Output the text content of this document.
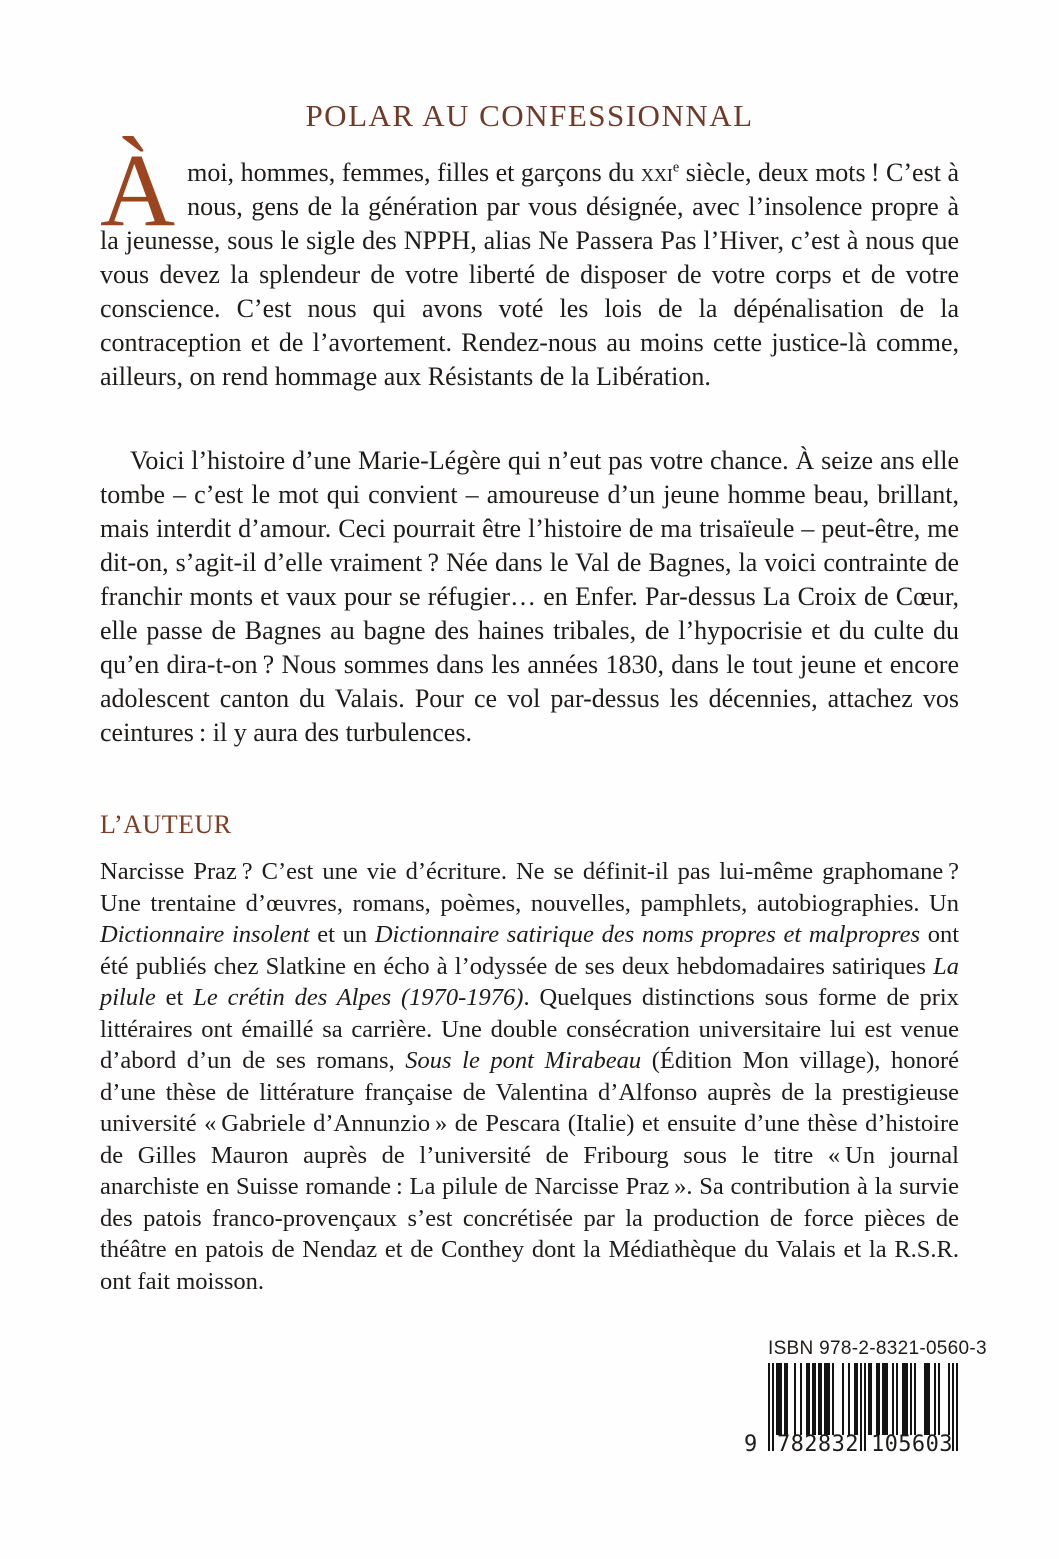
POLAR AU CONFESSIONNAL

Àmoi, hommes, femmes, filles et garçons du xxi$^e$ siècle, deux mots ! C’est à nous, gens de la génération par vous désignée, avec l’insolence propre à la jeunesse, sous le sigle des NPPH, alias Ne Passera Pas l’Hiver, c’est à nous que vous devez la splendeur de votre liberté de disposer de votre corps et de votre conscience. C’est nous qui avons voté les lois de la dépénalisation de la contraception et de l’avortement. Rendez-nous au moins cette justice-là comme, ailleurs, on rend hommage aux Résistants de la Libération.

Voici l’histoire d’une Marie-Légère qui n’eut pas votre chance. À seize ans elle tombe – c’est le mot qui convient – amoureuse d’un jeune homme beau, brillant, mais interdit d’amour. Ceci pourrait être l’histoire de ma trisaïeule – peut-être, me dit-on, s’agit-il d’elle vraiment ? Née dans le Val de Bagnes, la voici contrainte de franchir monts et vaux pour se réfugier… en Enfer. Par-dessus La Croix de Cœur, elle passe de Bagnes au bagne des haines tribales, de l’hypocrisie et du culte du qu’en dira-t-on ? Nous sommes dans les années 1830, dans le tout jeune et encore adolescent canton du Valais. Pour ce vol par-dessus les décennies, attachez vos ceintures : il y aura des turbulences.

L’AUTEUR

Narcisse Praz ? C’est une vie d’écriture. Ne se définit-il pas lui-même graphomane ? Une trentaine d’œuvres, romans, poèmes, nouvelles, pamphlets, autobiographies. Un Dictionnaire insolent et un Dictionnaire satirique des noms propres et malpropres ont été publiés chez Slatkine en écho à l’odyssée de ses deux hebdomadaires satiriques La pilule et Le crétin des Alpes (1970-1976). Quelques distinctions sous forme de prix littéraires ont émaillé sa carrière. Une double consécration universitaire lui est venue d’abord d’un de ses romans, Sous le pont Mirabeau (Édition Mon village), honoré d’une thèse de littérature française de Valentina d’Alfonso auprès de la prestigieuse université « Gabriele d’Annunzio » de Pescara (Italie) et ensuite d’une thèse d’histoire de Gilles Mauron auprès de l’université de Fribourg sous le titre « Un journal anarchiste en Suisse romande : La pilule de Narcisse Praz ». Sa contribution à la survie des patois franco-provençaux s’est concrétisée par la production de force pièces de théâtre en patois de Nendaz et de Conthey dont la Médiathèque du Valais et la R.S.R. ont fait moisson.

ISBN 978-2-8321-0560-3
9 782832 105603
